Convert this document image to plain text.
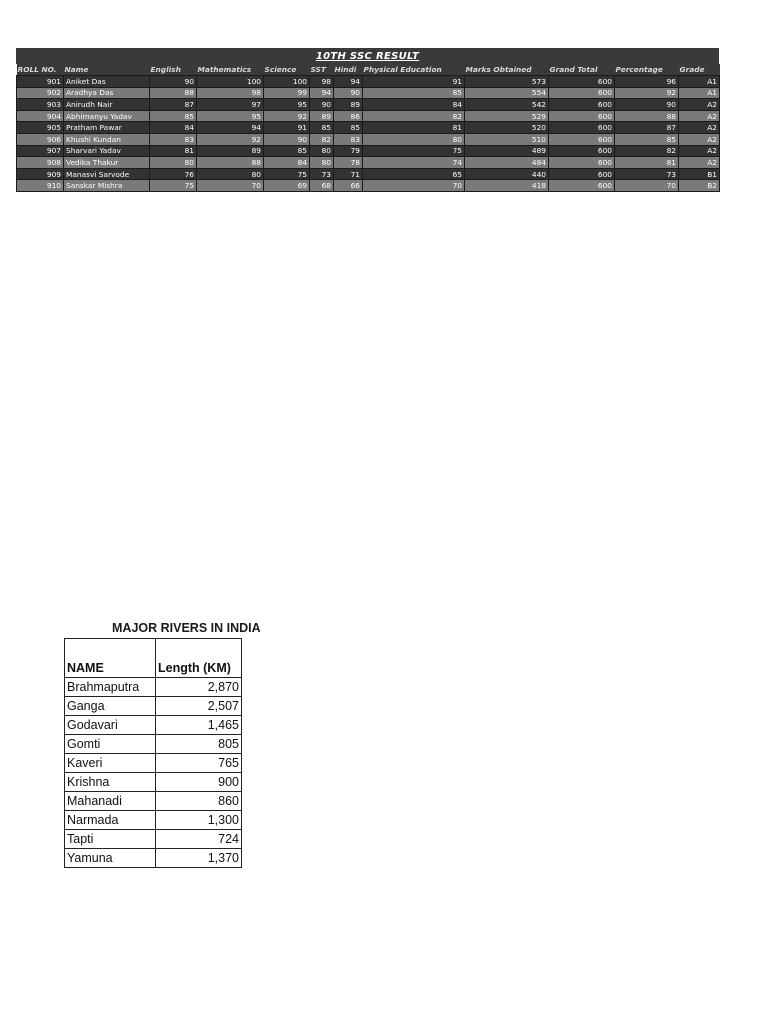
10TH SSC RESULT
ROLL NO.	Name	English	Mathematics	Science	SST	Hindi	Physical Education	Marks Obtained	Grand Total	Percentage	Grade
901	Aniket Das	90	100	100	98	94	91	573	600	96	A1
902	Aradhya Das	88	98	99	94	90	85	554	600	92	A1
903	Anirudh Nair	87	97	95	90	89	84	542	600	90	A2
904	Abhimanyu Yadav	85	95	92	89	86	82	529	600	88	A2
905	Pratham Pawar	84	94	91	85	85	81	520	600	87	A2
906	Khushi Kundan	83	92	90	82	83	80	510	600	85	A2
907	Sharvari Yadav	81	89	85	80	79	75	489	600	82	A2
908	Vedika Thakur	80	88	84	80	78	74	484	600	81	A2
909	Manasvi Sarvode	76	80	75	73	71	65	440	600	73	B1
910	Sanskar Mishra	75	70	69	68	66	70	418	600	70	B2
MAJOR RIVERS IN INDIA
NAME	Length (KM)
Brahmaputra	2,870
Ganga	2,507
Godavari	1,465
Gomti	805
Kaveri	765
Krishna	900
Mahanadi	860
Narmada	1,300
Tapti	724
Yamuna	1,370
